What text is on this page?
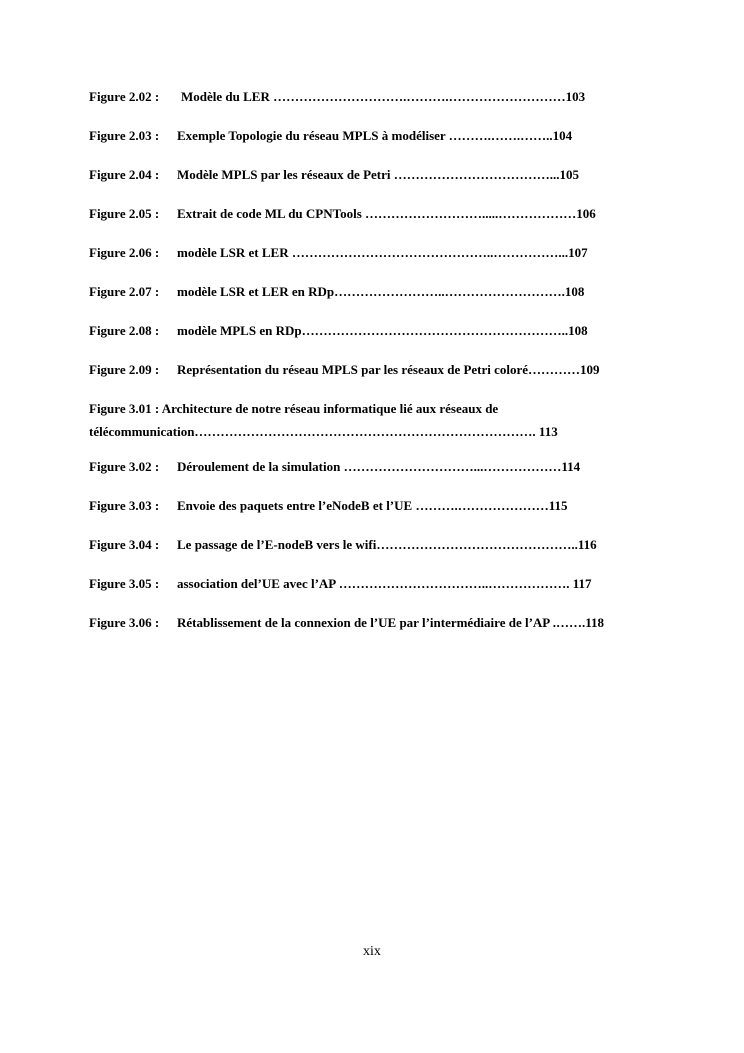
Figure 2.02 : Modèle du LER ………………………….……….………………………103
Figure 2.03 : Exemple Topologie du réseau MPLS à modéliser ……….…….……..104
Figure 2.04 : Modèle MPLS par les réseaux de Petri ………………………………...105
Figure 2.05 : Extrait de code ML du CPNTools ……………………….....………………106
Figure 2.06 : modèle LSR et LER ………………………………………..……………...107
Figure 2.07 : modèle LSR et LER en RDp……………………..……………………….108
Figure 2.08 : modèle MPLS en RDp……………………………………………………..108
Figure 2.09 : Représentation du réseau MPLS par les réseaux de Petri coloré…………109
Figure 3.01 : Architecture de notre réseau informatique lié aux réseaux de
télécommunication……………………………………………………………………. 113
Figure 3.02 : Déroulement de la simulation …………………………...………………114
Figure 3.03 : Envoie des paquets entre l’eNodeB et l’UE ……….…………………115
Figure 3.04 : Le passage de l’E-nodeB vers le wifi………………………………………..116
Figure 3.05 : association del’UE avec l’AP ……………………………..………………. 117
Figure 3.06 : Rétablissement de la connexion de l’UE par l’intermédiaire de l’AP .…….118
xix
